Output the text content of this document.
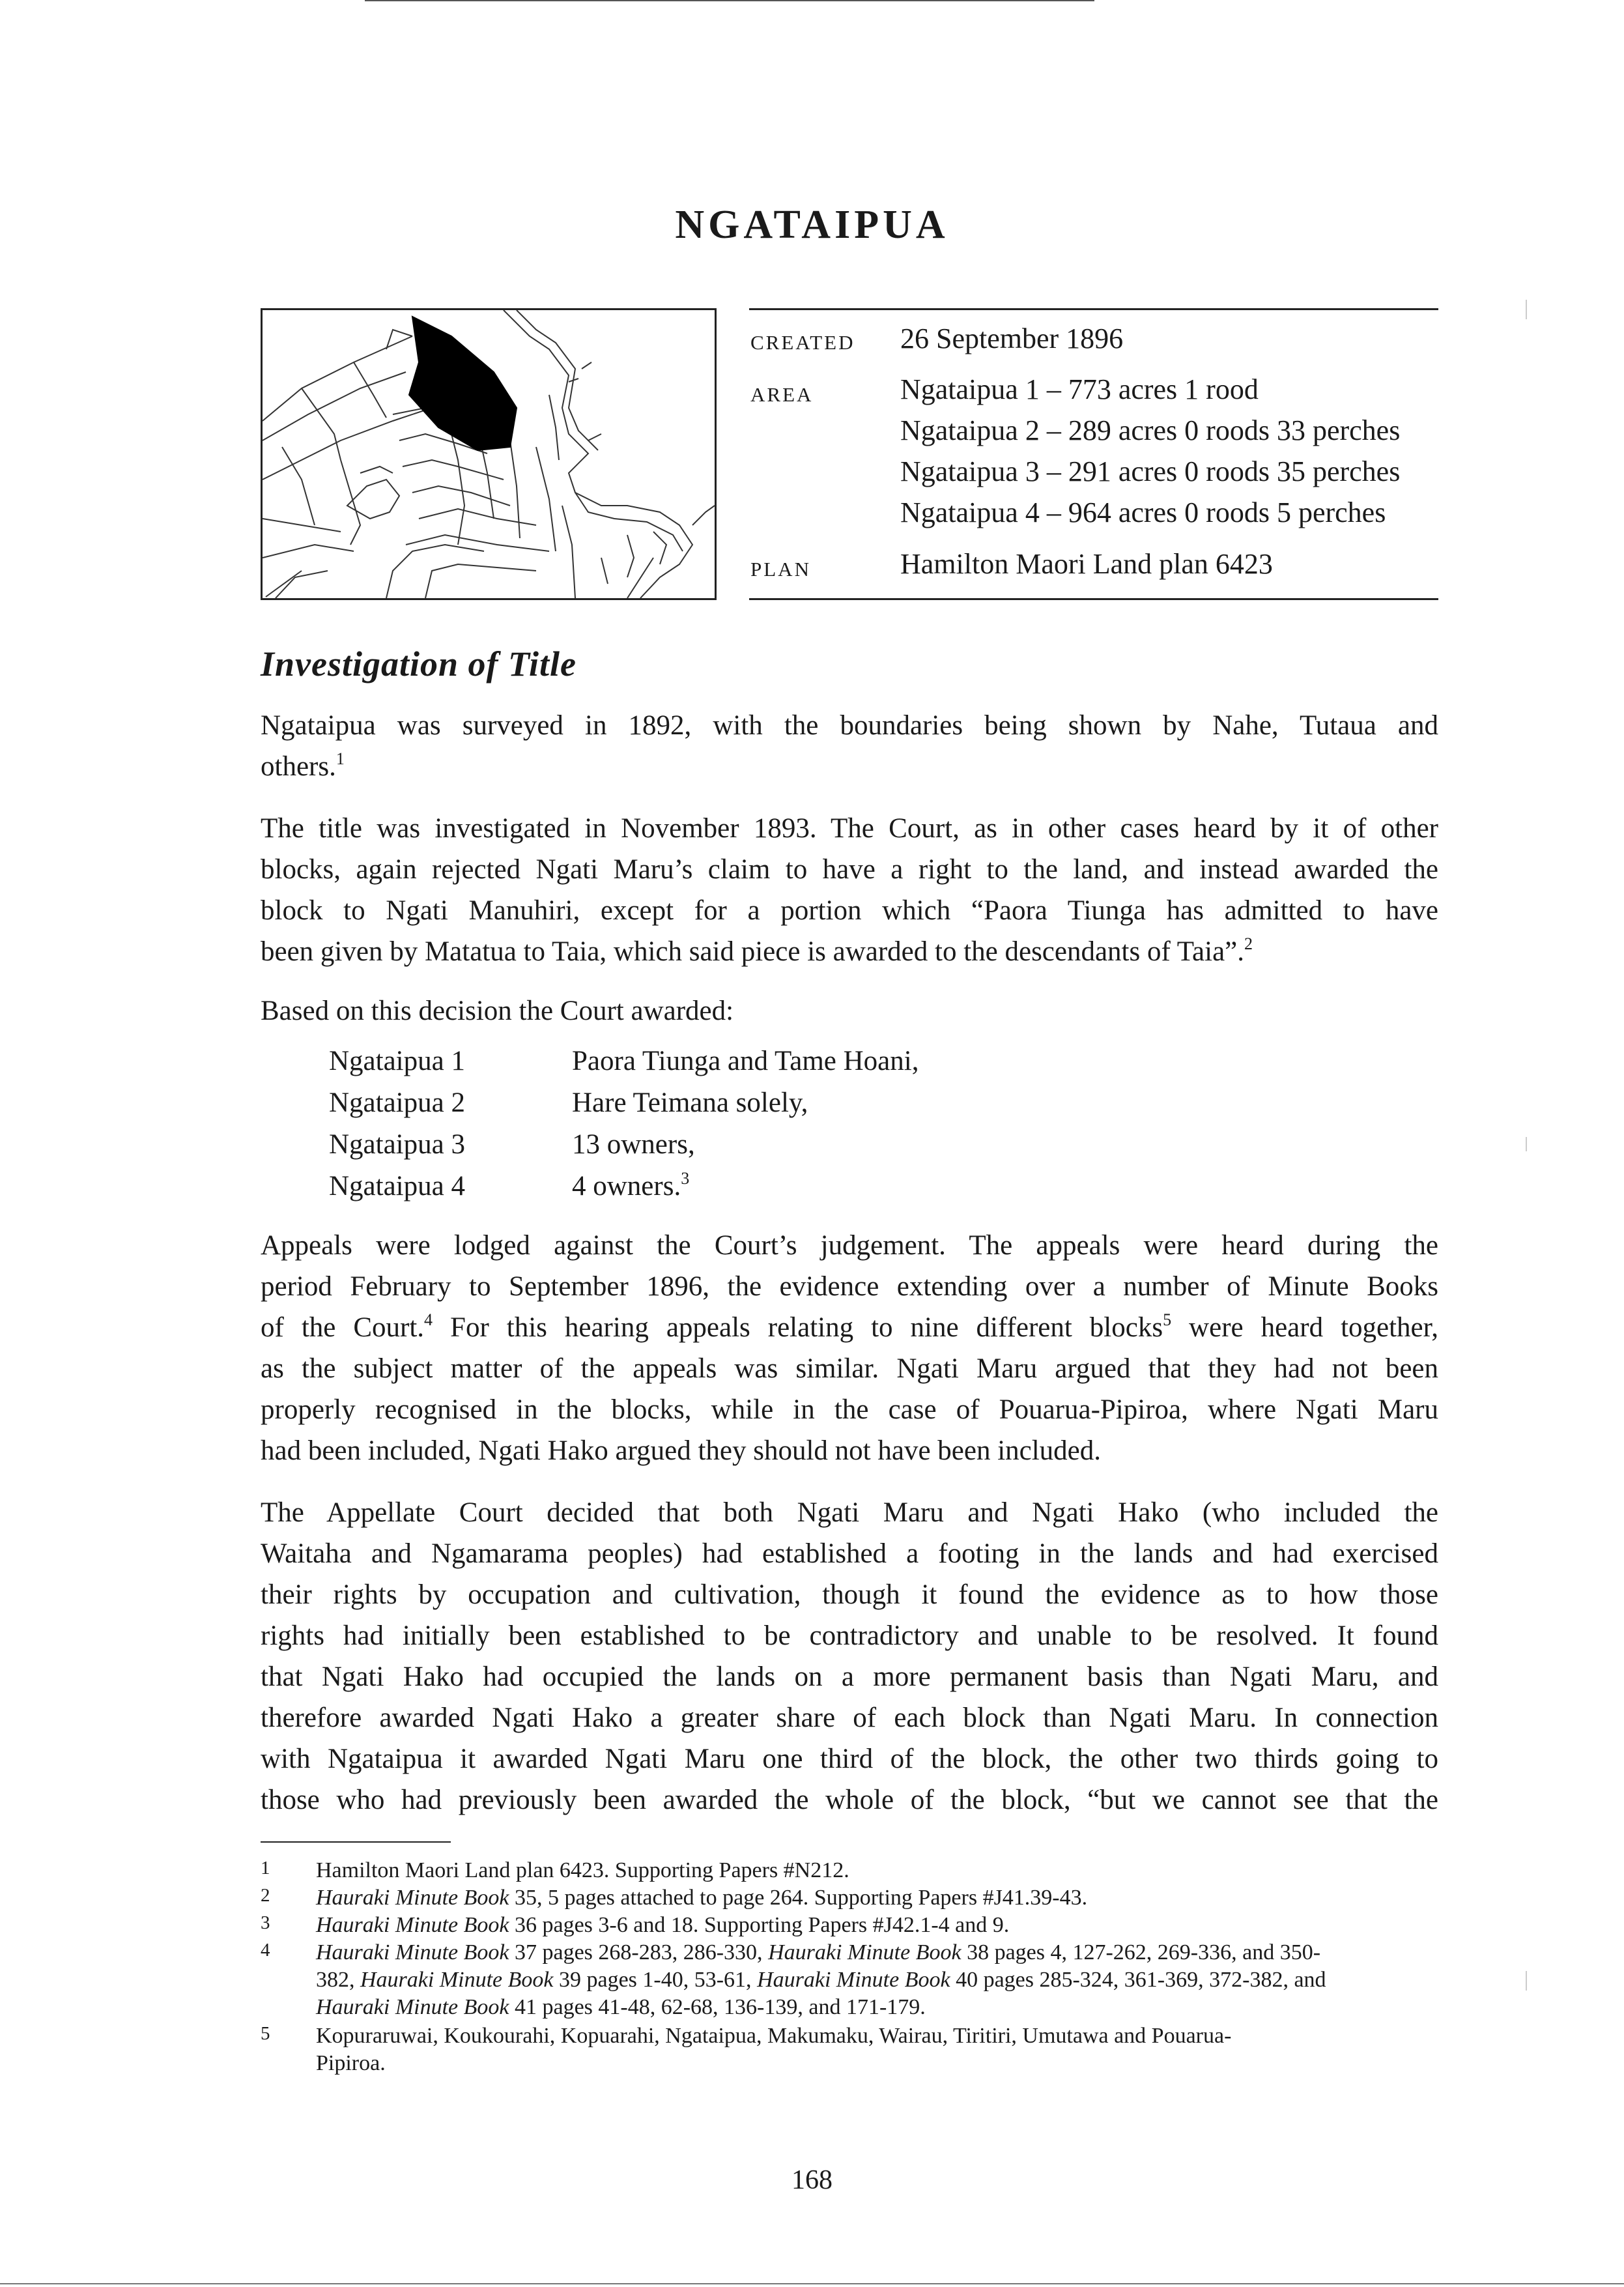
NGATAIPUA
CREATED 26 September 1896
AREA	Ngataipua 1 – 773 acres 1 rood
Ngataipua 2 – 289 acres 0 roods 33 perches
Ngataipua 3 – 291 acres 0 roods 35 perches
Ngataipua 4 – 964 acres 0 roods 5 perches
PLAN	Hamilton Maori Land plan 6423
Investigation of Title

Ngataipua was surveyed in 1892, with the boundaries being shown by Nahe, Tutaua and
others.$^1$

The title was investigated in November 1893. The Court, as in other cases heard by it of other
blocks, again rejected Ngati Maru’s claim to have a right to the land, and instead awarded the
block to Ngati Manuhiri, except for a portion which “Paora Tiunga has admitted to have
been given by Matatua to Taia, which said piece is awarded to the descendants of Taia”.$^2$

Based on this decision the Court awarded:

Ngataipua 1	Paora Tiunga and Tame Hoani,
Ngataipua 2	Hare Teimana solely,
Ngataipua 3	13 owners,
Ngataipua 4	4 owners.$^3$

Appeals were lodged against the Court’s judgement. The appeals were heard during the
period February to September 1896, the evidence extending over a number of Minute Books
of the Court.$^4$ For this hearing appeals relating to nine different blocks$^5$ were heard together,
as the subject matter of the appeals was similar. Ngati Maru argued that they had not been
properly recognised in the blocks, while in the case of Pouarua-Pipiroa, where Ngati Maru
had been included, Ngati Hako argued they should not have been included.

The Appellate Court decided that both Ngati Maru and Ngati Hako (who included the
Waitaha and Ngamarama peoples) had established a footing in the lands and had exercised
their rights by occupation and cultivation, though it found the evidence as to how those
rights had initially been established to be contradictory and unable to be resolved. It found
that Ngati Hako had occupied the lands on a more permanent basis than Ngati Maru, and
therefore awarded Ngati Hako a greater share of each block than Ngati Maru. In connection
with Ngataipua it awarded Ngati Maru one third of the block, the other two thirds going to
those who had previously been awarded the whole of the block, “but we cannot see that the

1 Hamilton Maori Land plan 6423. Supporting Papers #N212.
2 Hauraki Minute Book 35, 5 pages attached to page 264. Supporting Papers #J41.39-43.
3 Hauraki Minute Book 36 pages 3-6 and 18. Supporting Papers #J42.1-4 and 9.
4 Hauraki Minute Book 37 pages 268-283, 286-330, Hauraki Minute Book 38 pages 4, 127-262, 269-336, and 350-
382, Hauraki Minute Book 39 pages 1-40, 53-61, Hauraki Minute Book 40 pages 285-324, 361-369, 372-382, and
Hauraki Minute Book 41 pages 41-48, 62-68, 136-139, and 171-179.
5 Kopuraruwai, Koukourahi, Kopuarahi, Ngataipua, Makumaku, Wairau, Tiritiri, Umutawa and Pouarua-
Pipiroa.
168
